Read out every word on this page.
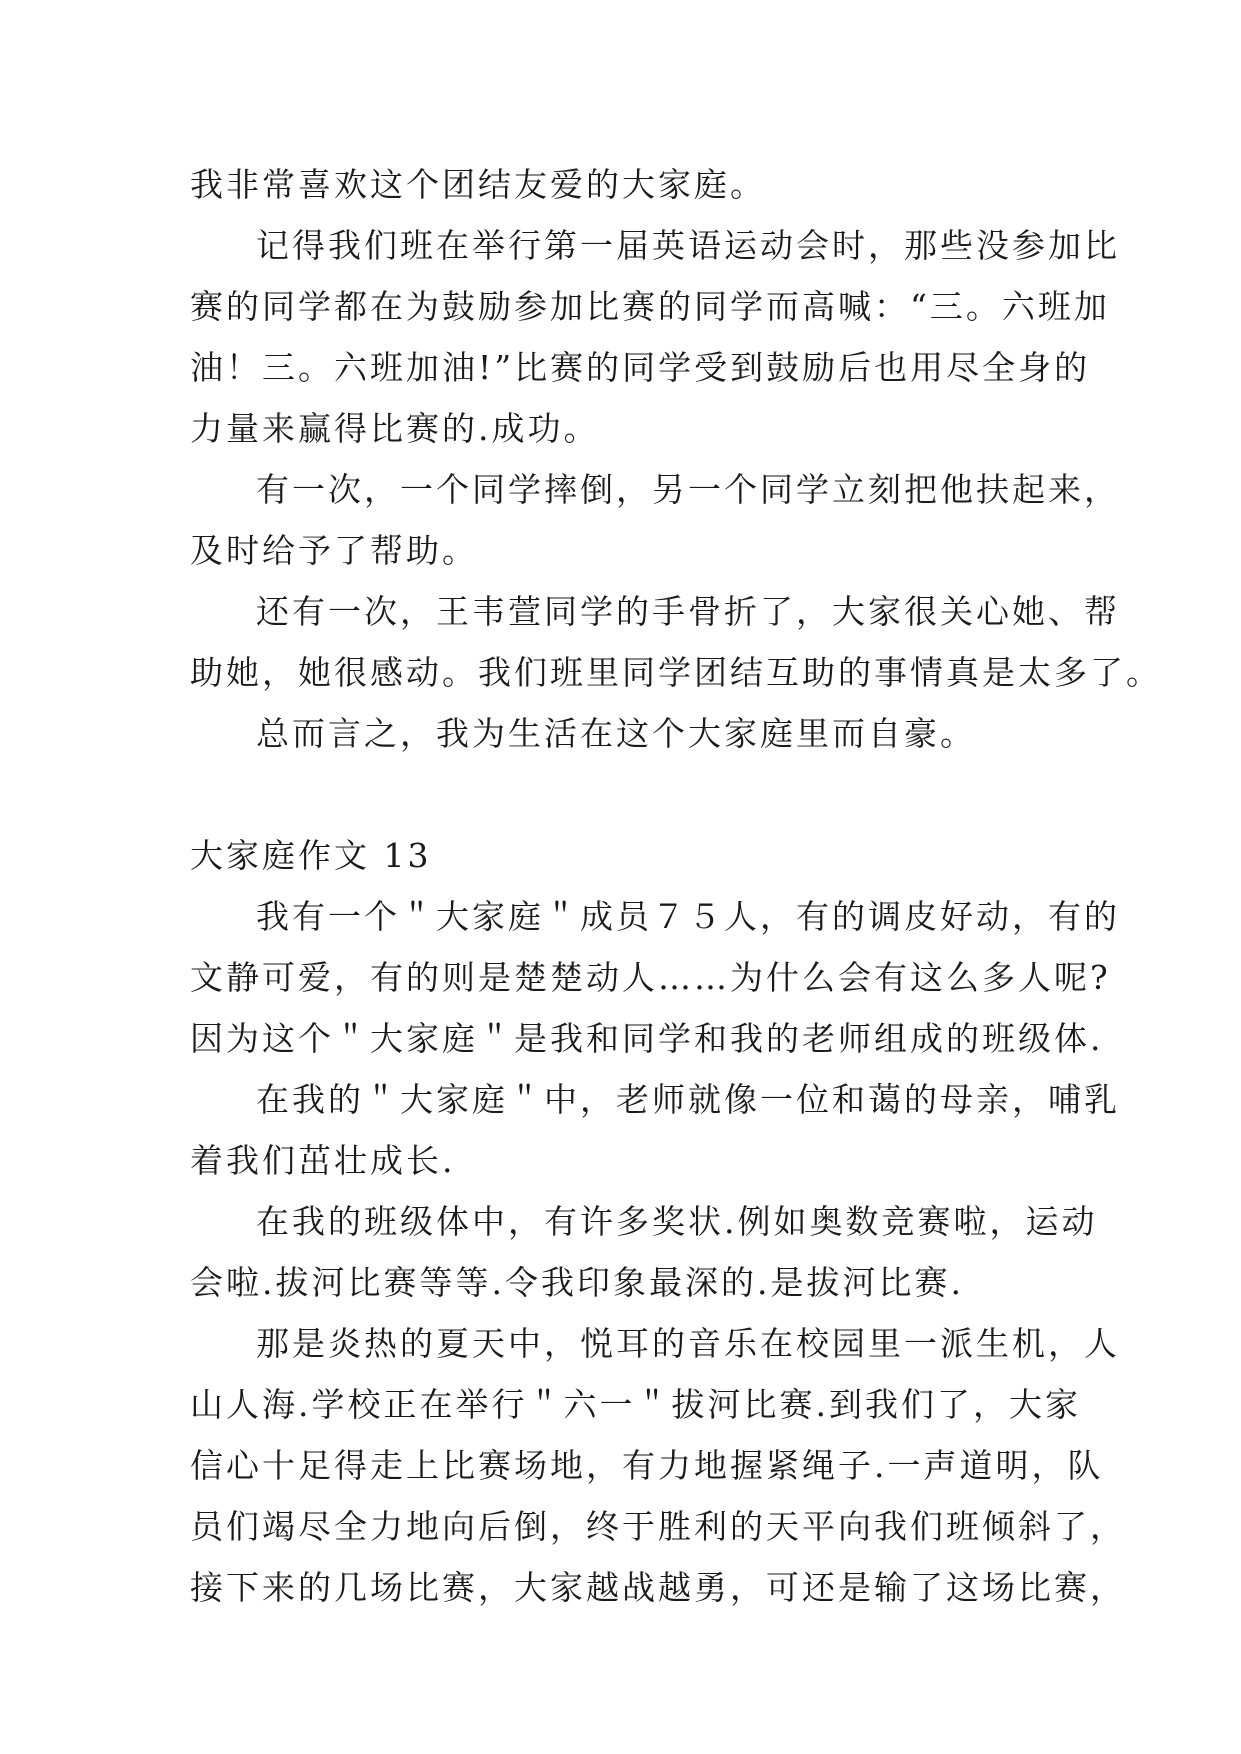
我非常喜欢这个团结友爱的大家庭。
记得我们班在举行第一届英语运动会时，那些没参加比
赛的同学都在为鼓励参加比赛的同学而高喊：“三。六班加
油！三。六班加油!”比赛的同学受到鼓励后也用尽全身的
力量来赢得比赛的.成功。
有一次，一个同学摔倒，另一个同学立刻把他扶起来，
及时给予了帮助。
还有一次，王韦萱同学的手骨折了，大家很关心她、帮
助她，她很感动。我们班里同学团结互助的事情真是太多了。
总而言之，我为生活在这个大家庭里而自豪。
大家庭作文 13
我有一个＂大家庭＂成员７５人，有的调皮好动，有的
文静可爱，有的则是楚楚动人……为什么会有这么多人呢?
因为这个＂大家庭＂是我和同学和我的老师组成的班级体.
在我的＂大家庭＂中，老师就像一位和蔼的母亲，哺乳
着我们茁壮成长.
在我的班级体中，有许多奖状.例如奥数竞赛啦，运动
会啦.拔河比赛等等.令我印象最深的.是拔河比赛.
那是炎热的夏天中，悦耳的音乐在校园里一派生机，人
山人海.学校正在举行＂六一＂拔河比赛.到我们了，大家
信心十足得走上比赛场地，有力地握紧绳子.一声道明，队
员们竭尽全力地向后倒，终于胜利的天平向我们班倾斜了，
接下来的几场比赛，大家越战越勇，可还是输了这场比赛，
